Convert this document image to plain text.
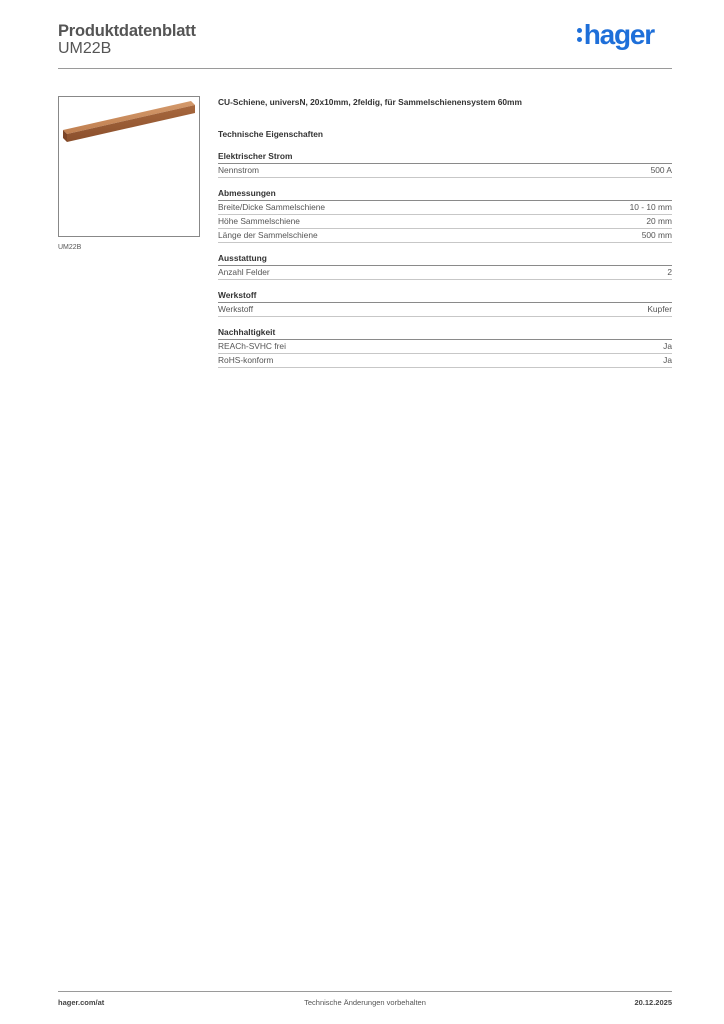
Produktdatenblatt
UM22B	hager
UM22B
CU-Schiene, universN, 20x10mm, 2feldig, für Sammelschienensystem 60mm
Technische Eigenschaften
Elektrischer Strom
Nennstrom	500 A
Abmessungen
Breite/Dicke Sammelschiene	10 - 10 mm
Höhe Sammelschiene	20 mm
Länge der Sammelschiene	500 mm
Ausstattung
Anzahl Felder	2
Werkstoff
Werkstoff	Kupfer
Nachhaltigkeit
REACh-SVHC frei	Ja
RoHS-konform	Ja
hager.com/at	Technische Änderungen vorbehalten	20.12.2025
